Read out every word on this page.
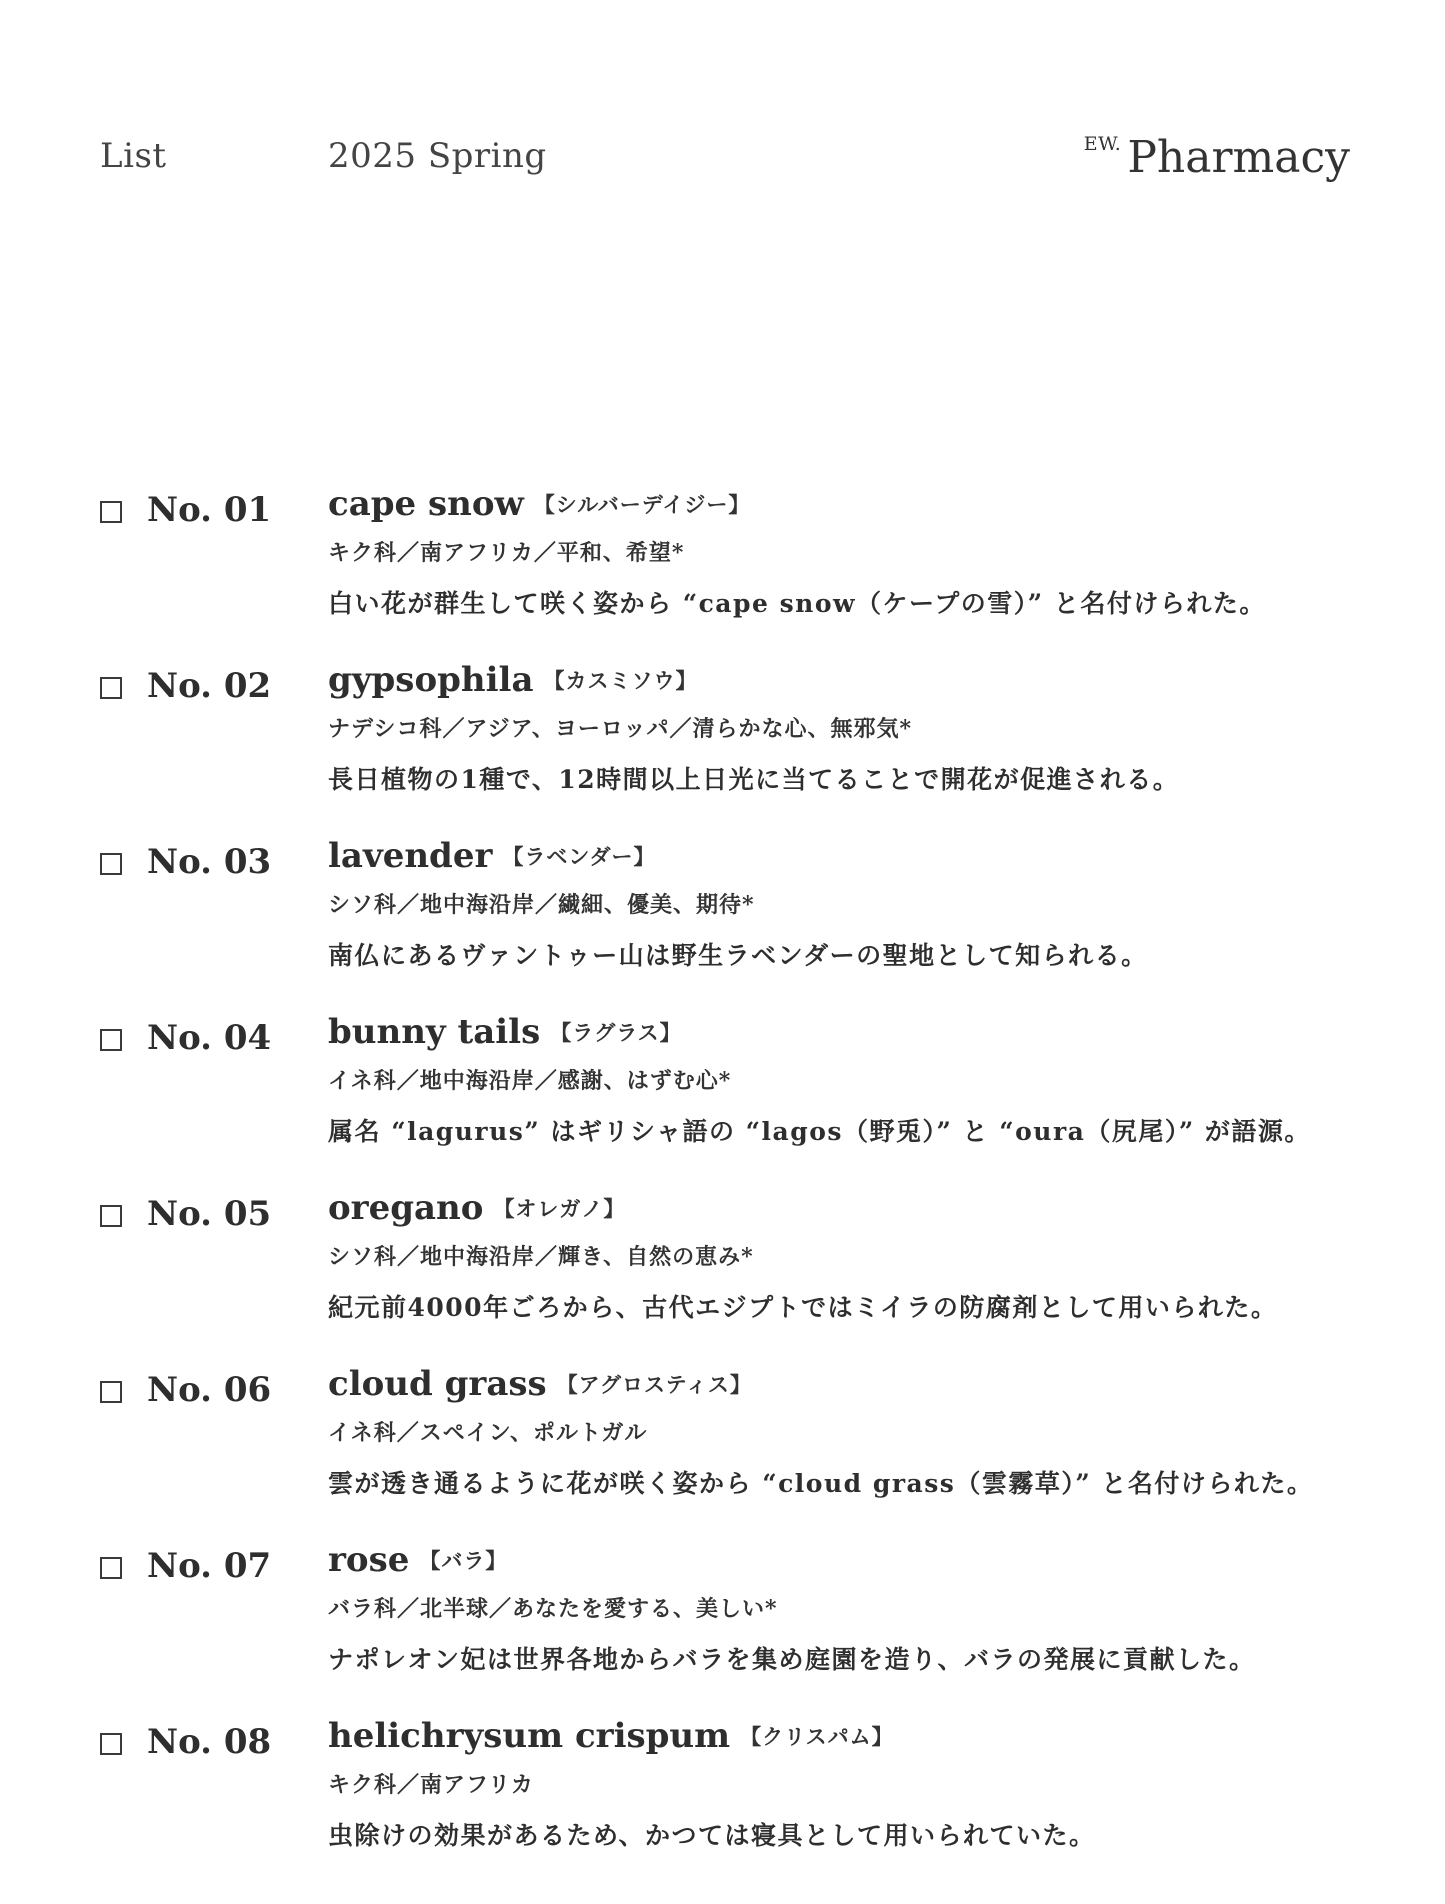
List	2025 Spring	$^{EW.}$ Pharmacy
No. 01 cape snow 【シルバーデイジー】
キク科／南アフリカ／平和、希望*
白い花が群生して咲く姿から “cape snow（ケープの雪）” と名付けられた。
No. 02 gypsophila 【カスミソウ】
ナデシコ科／アジア、ヨーロッパ／清らかな心、無邪気*
長日植物の1種で、12時間以上日光に当てることで開花が促進される。
No. 03 lavender 【ラベンダー】
シソ科／地中海沿岸／繊細、優美、期待*
南仏にあるヴァントゥー山は野生ラベンダーの聖地として知られる。
No. 04 bunny tails 【ラグラス】
イネ科／地中海沿岸／感謝、はずむ心*
属名 “lagurus” はギリシャ語の “lagos（野兎）” と “oura（尻尾）” が語源。
No. 05 oregano 【オレガノ】
シソ科／地中海沿岸／輝き、自然の恵み*
紀元前4000年ごろから、古代エジプトではミイラの防腐剤として用いられた。
No. 06 cloud grass 【アグロスティス】
イネ科／スペイン、ポルトガル
雲が透き通るように花が咲く姿から “cloud grass（雲霧草）” と名付けられた。
No. 07 rose 【バラ】
バラ科／北半球／あなたを愛する、美しい*
ナポレオン妃は世界各地からバラを集め庭園を造り、バラの発展に貢献した。
No. 08 helichrysum crispum 【クリスパム】
キク科／南アフリカ
虫除けの効果があるため、かつては寝具として用いられていた。
